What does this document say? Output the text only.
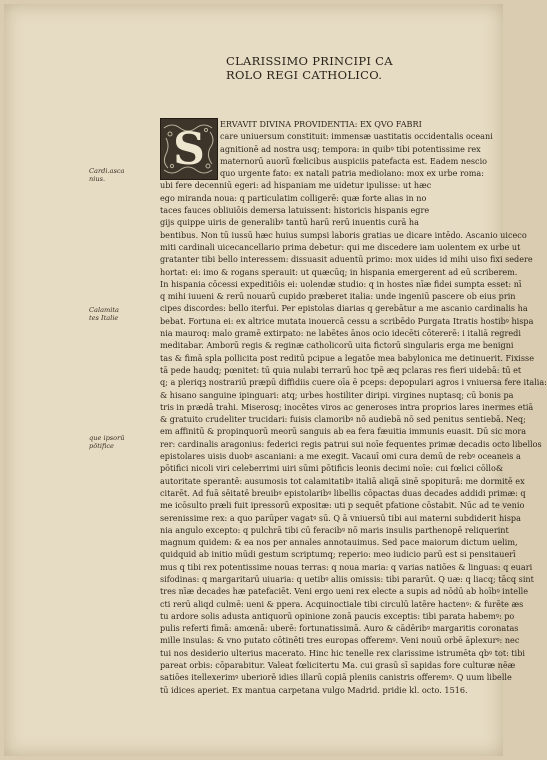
CLARISSIMO PRINCIPI CA
ROLO REGI CATHOLICO.
Cardi.asca
nius.
Calamita
tes Italie
que ipsorū
pōtifice
S	ERVAVIT DIVINA PROVIDENTIA: EX QVO FABRI
care uniuersum constituit: immensæ uastitatis occidentalis oceani
agnitionē ad nostra usq; tempora: in quibꝰ tibi potentissime rex
maternorū auorū fœlicibus auspiciis patefacta est. Eadem nescio
quo urgente fato: ex natali patria mediolano: mox ex urbe roma:
ubi fere decenniū egeri: ad hispaniam me uidetur ipulisse: ut hæc
ego miranda noua: q particulatim colligerē: quæ forte alias in no
taces fauces obliuiōis demersa latuissent: historicis hispanis egre
gijs quippe uiris de generalibꝰ tantū harū rerū inuentis curā ha
bentibus. Non tū iussū hæc huius sumpsi laboris gratias ue dicare intēdo. Ascanio uiceco
miti cardinali uicecancellario prima debetur: qui me discedere iam uolentem ex urbe ut
gratanter tibi bello interessem: dissuasit aduentū primo: mox uides id mihi uiso fixi sedere
hortat: ei: imo & rogans sperauit: ut quæcūq; in hispania emergerent ad eū scriberem.
In hispania cōcessi expeditiōis ei: uolendæ studio: q in hostes nīæ fidei sumpta esset: nī
q mihi iuueni & rerū nouarū cupido præberet italia: unde ingeniū pascere ob eius prin
cipes discordes: bello iterfui. Per epistolas diarias q gerebātur a me ascanio cardinalis ha
bebat. Fortuna ei: ex altrice mutata inouercā cessu a scribēdo Purgata Itratis hostibꝰ hispa
nia mauroq: malo gramē extirpato: ne labētes ānos ocio idecēti cōtererē: i italiā regredi
meditabar. Amborū regis & reginæ catholicorū uita fictorū singularis erga me benigni
tas & fimā spla pollicita post reditū pcipue a legatōe mea babylonica me detinuerit. Fixisse
tā pede haudq; pœnitet: tū quia nulabi terrarū hoc tpē æq pclaras res fieri uidebā: tū et
q; a pleriqꝫ nostrariū præpū diffidiis cuere oīa ē pceps: depopulari agros i vniuersa fere italia:
& hisano sanguine ipinguari: atq; urbes hostiliter diripi. virgines nuptasq; cū bonis pa
tris in prædā trahi. Miserosq; inocētes viros ac generoses intra proprios lares inermes etiā
& gratuito crudeliter trucidari: fuisis clamoribꝰ nō audiebā nō sed penitus sentiebā. Neq;
em affinitū & propinquorū meorū sanguis ab ea fera fæuitia immunis euasit. Dū sic mora
rer: cardinalis aragonius: federici regis patrui sui noīe fequentes primæ decadis octo libellos
epistolares uisis duobꝰ ascaniani: a me exegit. Vacauī omi cura demū de rebꝰ oceaneis a
pōtifici nicoli viri celeberrimi uiri sūmi pōtificis leonis decimi noīe: cui fœlici cōllo&
autoritate sperantē: ausumosis tot calamitatibꝰ italiā aliqā sinē spopiturā: me dormitē ex
citarēt. Ad fuā sēitatē breuibꝰ epistolaribꝰ libellis cōpactas duas decades addidi primæ: q
me icōsulto præli fuit ipressorū expositæ: uti p sequēt pfatione cōstabit. Nūc ad te venio
serenissime rex: a quo parūper vagatꝰ sū. Q ā vniuersū tibi aui materni subdiderit hispa
nia angulo excepto: q pulchrā tibi cū feracibꝰ nō maris insulis parthenopē reliquerint
magnum quidem: & ea nos per annales annotauimus. Sed pace maiorum dictum uelim,
quidquid ab initio mūdi gestum scriptumq; reperio: meo iudicio parū est si pensitauerī
mus q tibi rex potentissime nouas terras: q noua maria: q varias natiōes & linguas: q euari
sifodinas: q margaritarū uiuaria: q uetibꝰ aliis omissis: tibi pararūt. Q uæ: q liacq; tācq sint
tres nīæ decades hæ patefaciēt. Veni ergo ueni rex electe a supis ad nōdū ab hoībꝰ intelle
cti rerū aliqd culmē: ueni & ppera. Acquinoctiale tibi circulū latēre hactenꝰ: & furēte æs
tu ardore solis adusta antiquorū opinione zonā paucis exceptis: tibi parata habemꝰ: po
pulis referti fimā: amœnā: uberē: fortunatissimā. Auro & cādēribꝰ margaritis coronatas
mille insulas: & vno putato cōtinēti tres europas offeremꝰ. Veni nouū orbē āplexurꝰ: nec
tui nos desiderio ulterius macerato. Hinc hic tenelle rex clarissime istrumēta qbꝰ tot: tibi
pareat orbis: cōparabitur. Valeat fœlicitertu Ma. cui grasū sī sapidas fore culturæ nēæ
satiōes itellexerimꝰ uberiorē idies illarū copiā pleniis canistris offeremꝰ. Q uum libelle
tū idices aperiet. Ex mantua carpetana vulgo Madrid. pridie kl. octo. 1516.
